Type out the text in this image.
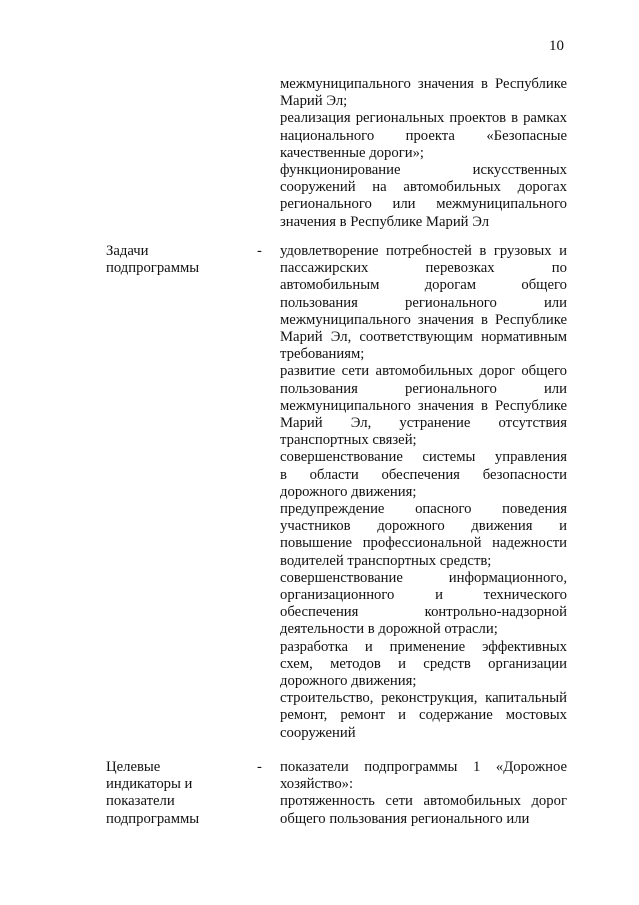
10
межмуниципального значения в Республике
Марий Эл;
реализация региональных проектов в рамках
национального проекта «Безопасные
качественные дороги»;
функционирование искусственных
сооружений на автомобильных дорогах
регионального или межмуниципального
значения в Республике Марий Эл
Задачи
подпрограммы
- удовлетворение потребностей в грузовых и
пассажирских перевозках по
автомобильным дорогам общего
пользования регионального или
межмуниципального значения в Республике
Марий Эл, соответствующим нормативным
требованиям;
развитие сети автомобильных дорог общего
пользования регионального или
межмуниципального значения в Республике
Марий Эл, устранение отсутствия
транспортных связей;
совершенствование системы управления
в области обеспечения безопасности
дорожного движения;
предупреждение опасного поведения
участников дорожного движения и
повышение профессиональной надежности
водителей транспортных средств;
совершенствование информационного,
организационного и технического
обеспечения контрольно-надзорной
деятельности в дорожной отрасли;
разработка и применение эффективных
схем, методов и средств организации
дорожного движения;
строительство, реконструкция, капитальный
ремонт, ремонт и содержание мостовых
сооружений
Целевые
индикаторы и
показатели
подпрограммы
- показатели подпрограммы 1 «Дорожное
хозяйство»:
протяженность сети автомобильных дорог
общего пользования регионального или
